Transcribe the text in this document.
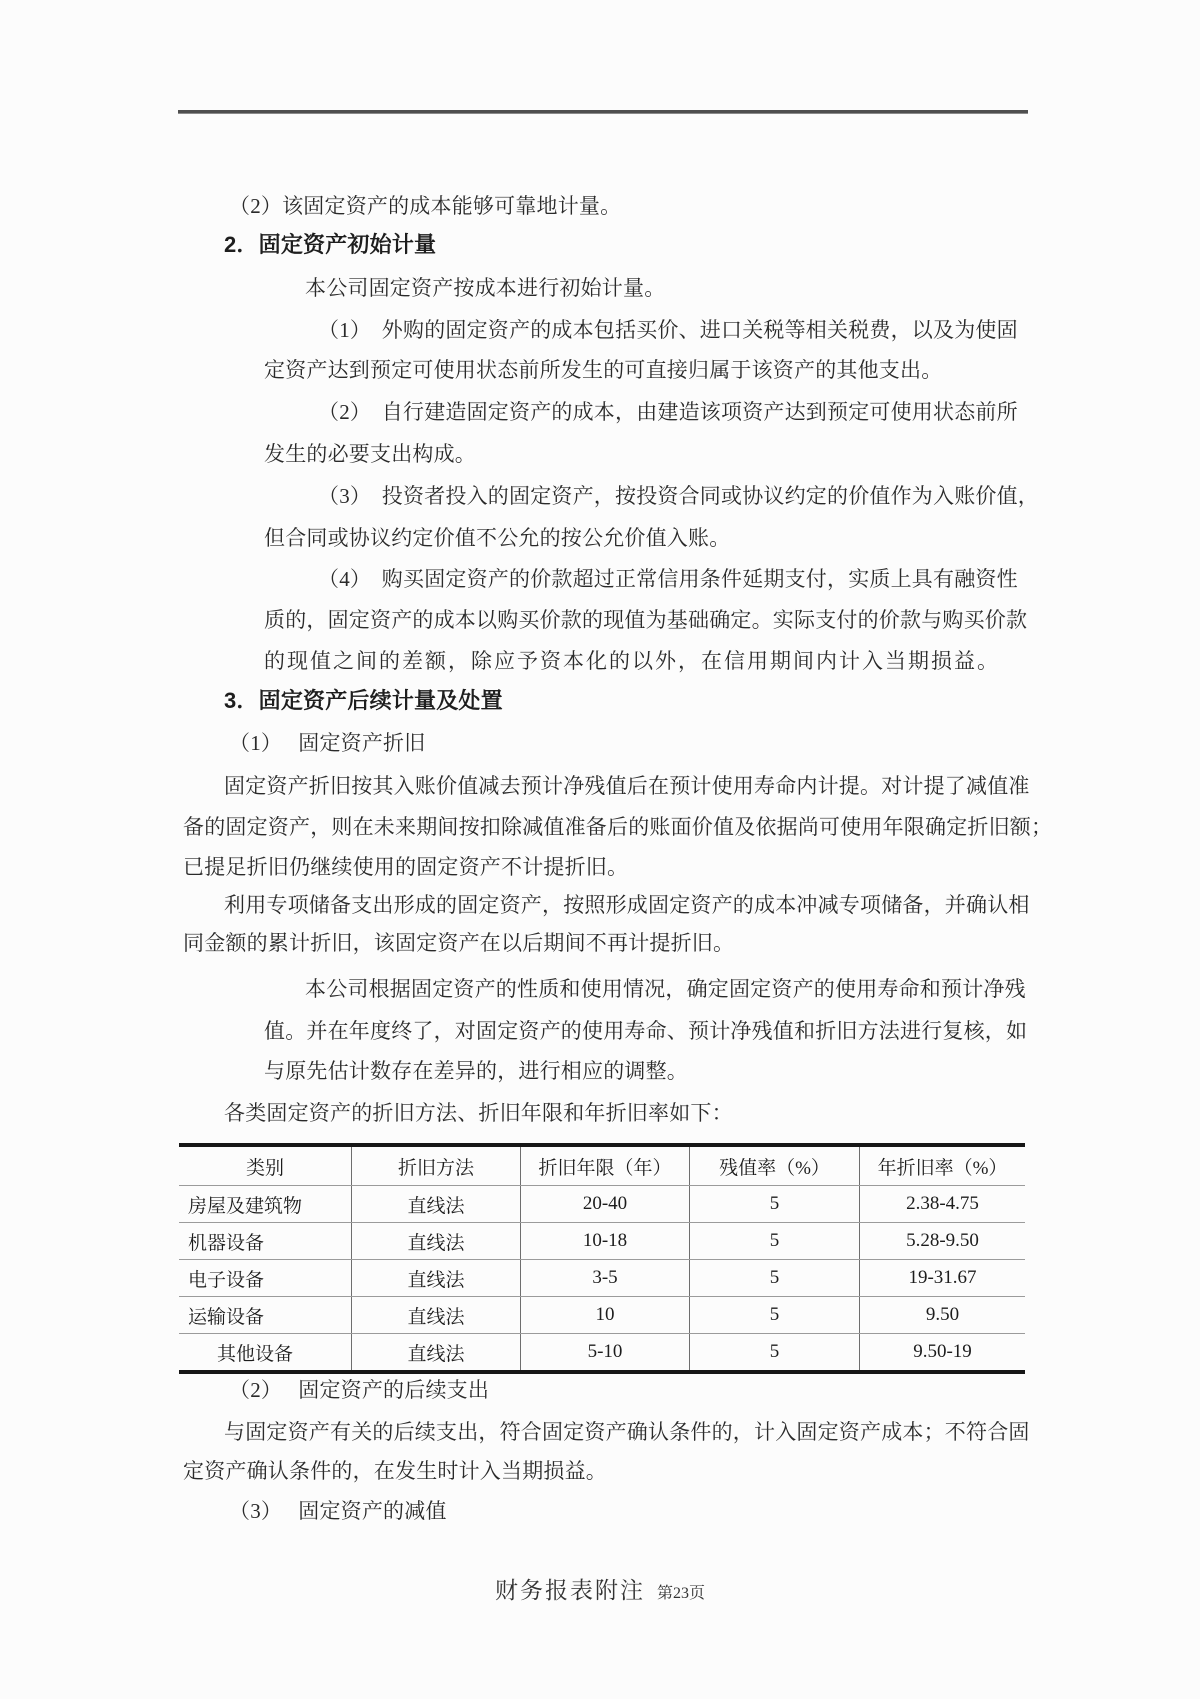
（2）该固定资产的成本能够可靠地计量。
2．固定资产初始计量
本公司固定资产按成本进行初始计量。
（1）　外购的固定资产的成本包括买价、进口关税等相关税费，以及为使固
定资产达到预定可使用状态前所发生的可直接归属于该资产的其他支出。
（2）　自行建造固定资产的成本，由建造该项资产达到预定可使用状态前所
发生的必要支出构成。
（3）　投资者投入的固定资产，按投资合同或协议约定的价值作为入账价值，
但合同或协议约定价值不公允的按公允价值入账。
（4）　购买固定资产的价款超过正常信用条件延期支付，实质上具有融资性
质的，固定资产的成本以购买价款的现值为基础确定。实际支付的价款与购买价款
的现值之间的差额，除应予资本化的以外，在信用期间内计入当期损益。
3．固定资产后续计量及处置
（1）　 固定资产折旧
固定资产折旧按其入账价值减去预计净残值后在预计使用寿命内计提。对计提了减值准
备的固定资产，则在未来期间按扣除减值准备后的账面价值及依据尚可使用年限确定折旧额；
已提足折旧仍继续使用的固定资产不计提折旧。
利用专项储备支出形成的固定资产，按照形成固定资产的成本冲减专项储备，并确认相
同金额的累计折旧，该固定资产在以后期间不再计提折旧。
本公司根据固定资产的性质和使用情况，确定固定资产的使用寿命和预计净残
值。并在年度终了，对固定资产的使用寿命、预计净残值和折旧方法进行复核，如
与原先估计数存在差异的，进行相应的调整。
各类固定资产的折旧方法、折旧年限和年折旧率如下：
类别	折旧方法	折旧年限（年）	残值率（%）	年折旧率（%）
房屋及建筑物	直线法	20-40	5	2.38-4.75
机器设备	直线法	10-18	5	5.28-9.50
电子设备	直线法	3-5	5	19-31.67
运输设备	直线法	10	5	9.50
其他设备	直线法	5-10	5	9.50-19
（2）　 固定资产的后续支出
与固定资产有关的后续支出，符合固定资产确认条件的，计入固定资产成本；不符合固
定资产确认条件的，在发生时计入当期损益。
（3）　 固定资产的减值
财务报表附注 第23页
